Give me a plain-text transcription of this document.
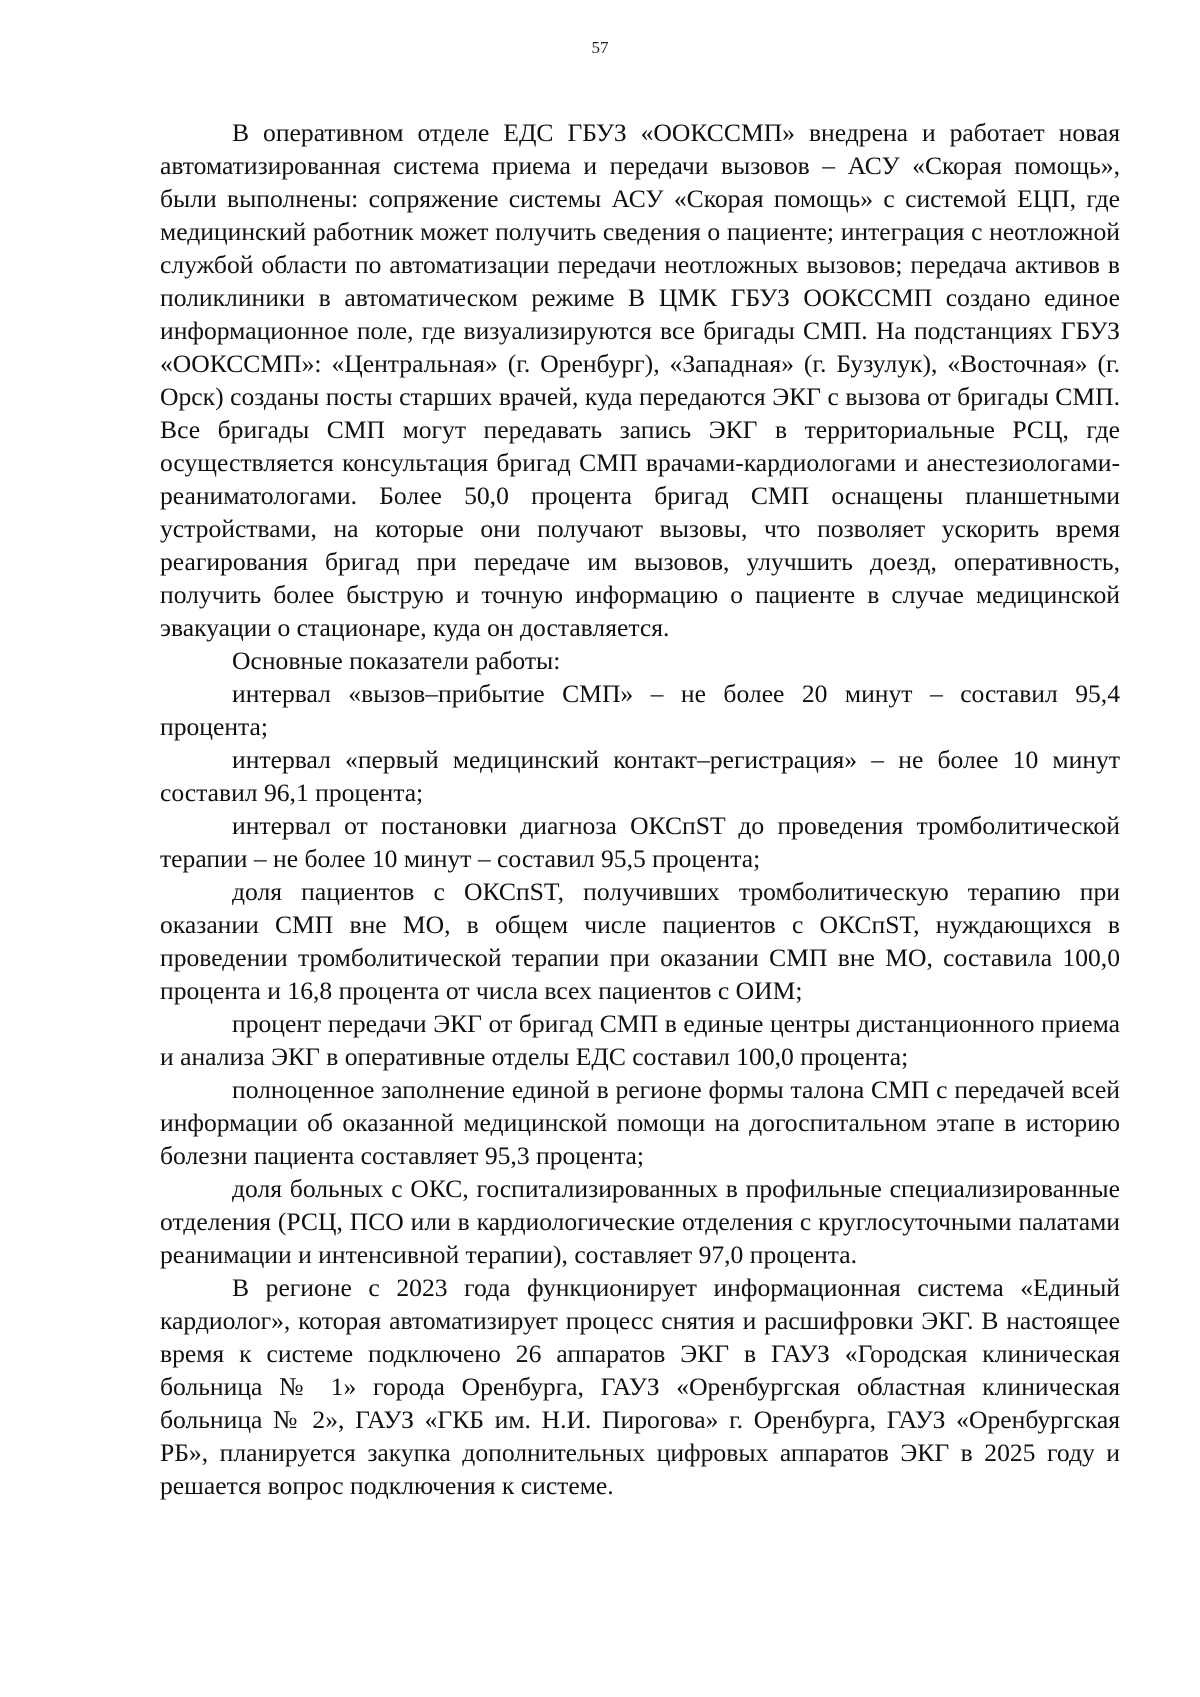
57

В оперативном отделе ЕДС ГБУЗ «ООКССМП» внедрена и работает новая автоматизированная система приема и передачи вызовов – АСУ «Скорая помощь», были выполнены: сопряжение системы АСУ «Скорая помощь» с системой ЕЦП, где медицинский работник может получить сведения о пациенте; интеграция с неотложной службой области по автоматизации передачи неотложных вызовов; передача активов в поликлиники в автоматическом режиме В ЦМК ГБУЗ ООКССМП создано единое информационное поле, где визуализируются все бригады СМП. На подстанциях ГБУЗ «ООКССМП»: «Центральная» (г. Оренбург), «Западная» (г. Бузулук), «Восточная» (г. Орск) созданы посты старших врачей, куда передаются ЭКГ с вызова от бригады СМП. Все бригады СМП могут передавать запись ЭКГ в территориальные РСЦ, где осуществляется консультация бригад СМП врачами-кардиологами и анестезиологами-реаниматологами. Более 50,0 процента бригад СМП оснащены планшетными устройствами, на которые они получают вызовы, что позволяет ускорить время реагирования бригад при передаче им вызовов, улучшить доезд, оперативность, получить более быструю и точную информацию о пациенте в случае медицинской эвакуации о стационаре, куда он доставляется.

Основные показатели работы:

интервал «вызов–прибытие СМП» – не более 20 минут – составил 95,4 процента;

интервал «первый медицинский контакт–регистрация» – не более 10 минут составил 96,1 процента;

интервал от постановки диагноза ОКСпST до проведения тромболитической терапии – не более 10 минут – составил 95,5 процента;

доля пациентов с ОКСпST, получивших тромболитическую терапию при оказании СМП вне МО, в общем числе пациентов с ОКСпST, нуждающихся в проведении тромболитической терапии при оказании СМП вне МО, составила 100,0 процента и 16,8 процента от числа всех пациентов с ОИМ;

процент передачи ЭКГ от бригад СМП в единые центры дистанционного приема и анализа ЭКГ в оперативные отделы ЕДС составил 100,0 процента;

полноценное заполнение единой в регионе формы талона СМП с передачей всей информации об оказанной медицинской помощи на догоспитальном этапе в историю болезни пациента составляет 95,3 процента;

доля больных с ОКС, госпитализированных в профильные специализированные отделения (РСЦ, ПСО или в кардиологические отделения с круглосуточными палатами реанимации и интенсивной терапии), составляет 97,0 процента.

В регионе с 2023 года функционирует информационная система «Единый кардиолог», которая автоматизирует процесс снятия и расшифровки ЭКГ. В настоящее время к системе подключено 26 аппаратов ЭКГ в ГАУЗ «Городская клиническая больница № 1» города Оренбурга, ГАУЗ «Оренбургская областная клиническая больница № 2», ГАУЗ «ГКБ им. Н.И. Пирогова» г. Оренбурга, ГАУЗ «Оренбургская РБ», планируется закупка дополнительных цифровых аппаратов ЭКГ в 2025 году и решается вопрос подключения к системе.
